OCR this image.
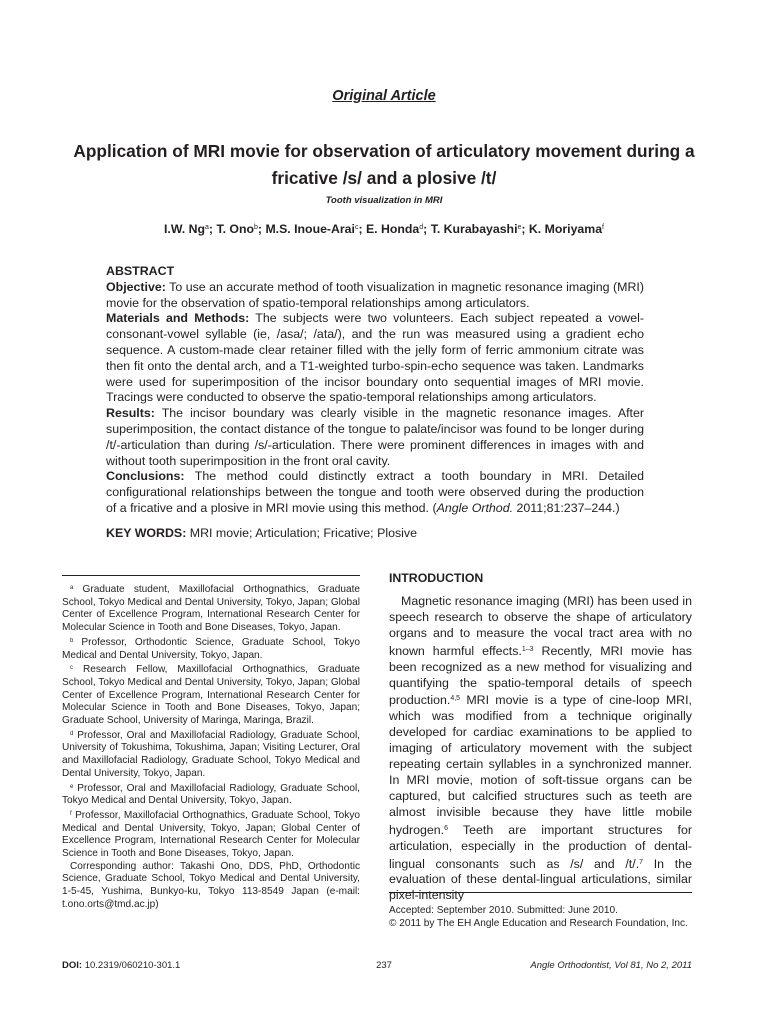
Original Article
Application of MRI movie for observation of articulatory movement during a fricative /s/ and a plosive /t/
Tooth visualization in MRI
I.W. Ng$^a$; T. Ono$^b$; M.S. Inoue-Arai$^c$; E. Honda$^d$; T. Kurabayashi$^e$; K. Moriyama$^f$

ABSTRACT

Objective: To use an accurate method of tooth visualization in magnetic resonance imaging (MRI) movie for the observation of spatio-temporal relationships among articulators.

Materials and Methods: The subjects were two volunteers. Each subject repeated a vowel-consonant-vowel syllable (ie, /asa/; /ata/), and the run was measured using a gradient echo sequence. A custom-made clear retainer filled with the jelly form of ferric ammonium citrate was then fit onto the dental arch, and a T1-weighted turbo-spin-echo sequence was taken. Landmarks were used for superimposition of the incisor boundary onto sequential images of MRI movie. Tracings were conducted to observe the spatio-temporal relationships among articulators.

Results: The incisor boundary was clearly visible in the magnetic resonance images. After superimposition, the contact distance of the tongue to palate/incisor was found to be longer during /t/-articulation than during /s/-articulation. There were prominent differences in images with and without tooth superimposition in the front oral cavity.

Conclusions: The method could distinctly extract a tooth boundary in MRI. Detailed configurational relationships between the tongue and tooth were observed during the production of a fricative and a plosive in MRI movie using this method. (Angle Orthod. 2011;81:237–244.)

KEY WORDS: MRI movie; Articulation; Fricative; Plosive

$^a$ Graduate student, Maxillofacial Orthognathics, Graduate School, Tokyo Medical and Dental University, Tokyo, Japan; Global Center of Excellence Program, International Research Center for Molecular Science in Tooth and Bone Diseases, Tokyo, Japan.

$^b$ Professor, Orthodontic Science, Graduate School, Tokyo Medical and Dental University, Tokyo, Japan.

$^c$ Research Fellow, Maxillofacial Orthognathics, Graduate School, Tokyo Medical and Dental University, Tokyo, Japan; Global Center of Excellence Program, International Research Center for Molecular Science in Tooth and Bone Diseases, Tokyo, Japan; Graduate School, University of Maringa, Maringa, Brazil.

$^d$ Professor, Oral and Maxillofacial Radiology, Graduate School, University of Tokushima, Tokushima, Japan; Visiting Lecturer, Oral and Maxillofacial Radiology, Graduate School, Tokyo Medical and Dental University, Tokyo, Japan.

$^e$ Professor, Oral and Maxillofacial Radiology, Graduate School, Tokyo Medical and Dental University, Tokyo, Japan.

$^f$ Professor, Maxillofacial Orthognathics, Graduate School, Tokyo Medical and Dental University, Tokyo, Japan; Global Center of Excellence Program, International Research Center for Molecular Science in Tooth and Bone Diseases, Tokyo, Japan.

Corresponding author: Takashi Ono, DDS, PhD, Orthodontic Science, Graduate School, Tokyo Medical and Dental University, 1-5-45, Yushima, Bunkyo-ku, Tokyo 113-8549 Japan (e-mail: t.ono.orts@tmd.ac.jp)

INTRODUCTION

Magnetic resonance imaging (MRI) has been used in speech research to observe the shape of articulatory organs and to measure the vocal tract area with no known harmful effects.$^{1-3}$ Recently, MRI movie has been recognized as a new method for visualizing and quantifying the spatio-temporal details of speech production.$^{4,5}$ MRI movie is a type of cine-loop MRI, which was modified from a technique originally developed for cardiac examinations to be applied to imaging of articulatory movement with the subject repeating certain syllables in a synchronized manner. In MRI movie, motion of soft-tissue organs can be captured, but calcified structures such as teeth are almost invisible because they have little mobile hydrogen.$^6$ Teeth are important structures for articulation, especially in the production of dental-lingual consonants such as /s/ and /t/.$^7$ In the evaluation of these dental-lingual articulations, similar pixel-intensity

Accepted: September 2010. Submitted: June 2010.

© 2011 by The EH Angle Education and Research Foundation, Inc.

DOI: 10.2319/060210-301.1	237	Angle Orthodontist, Vol 81, No 2, 2011
